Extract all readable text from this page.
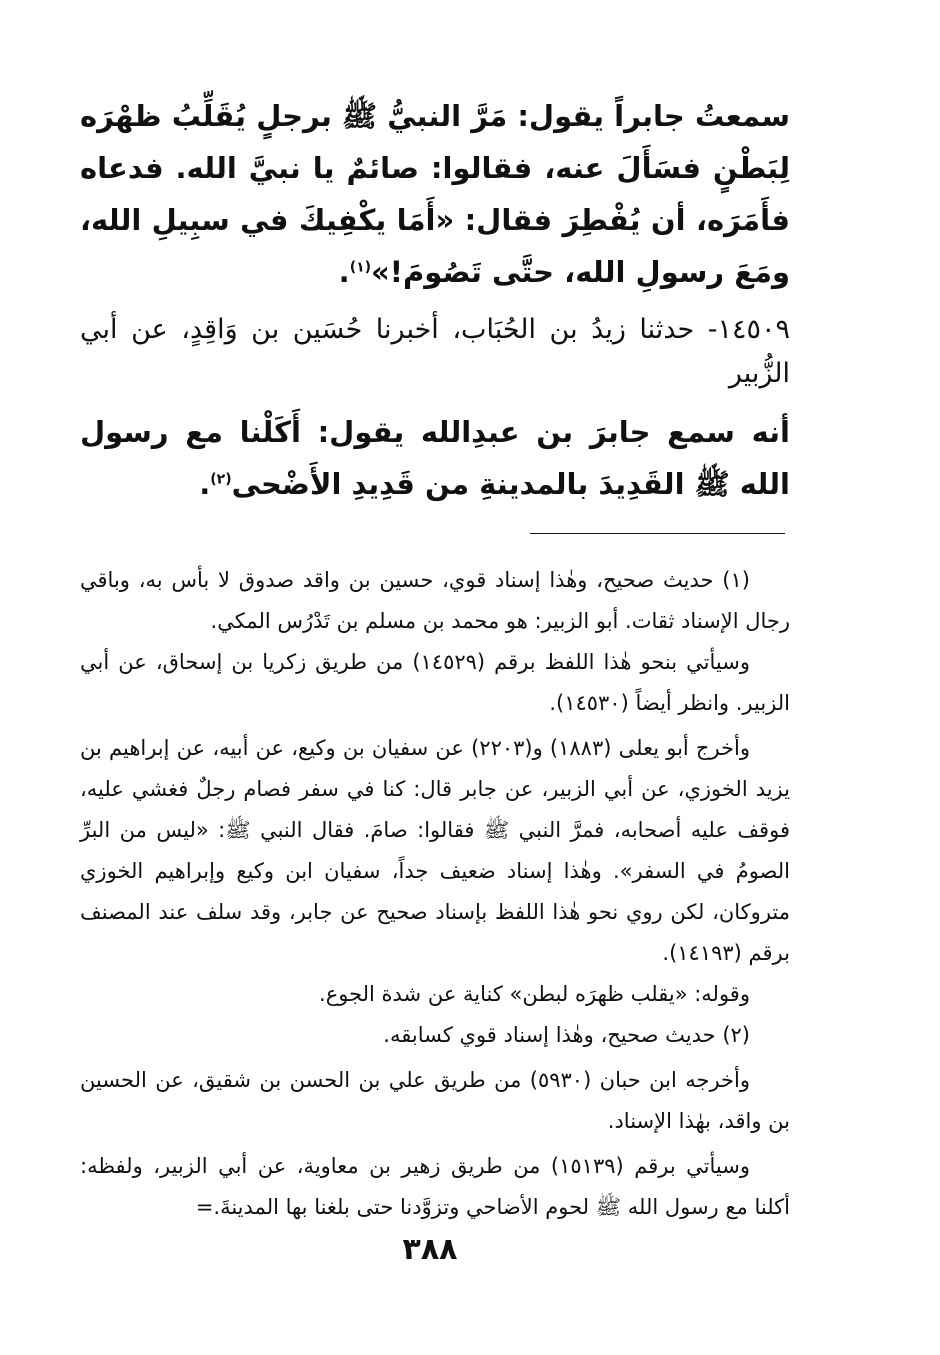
سمعتُ جابراً يقول: مَرَّ النبيُّ ﷺ برجلٍ يُقَلِّبُ ظهْرَه لِبَطْنٍ فسَأَلَ عنه، فقالوا: صائمٌ يا نبيَّ الله. فدعاه فأَمَرَه، أن يُفْطِرَ فقال: «أَمَا يكْفِيكَ في سبِيلِ الله، ومَعَ رسولِ الله، حتَّى تَصُومَ!»$^{(١)}$.

١٤٥٠٩- حدثنا زيدُ بن الحُبَاب، أخبرنا حُسَين بن وَاقِدٍ، عن أبي الزُّبير

أنه سمع جابرَ بن عبدِالله يقول: أَكَلْنا مع رسول الله ﷺ القَدِيدَ بالمدينةِ من قَدِيدِ الأَضْحى$^{(٢)}$.

(١) حديث صحيح، وهٰذا إسناد قوي، حسين بن واقد صدوق لا بأس به، وباقي رجال الإسناد ثقات. أبو الزبير: هو محمد بن مسلم بن تَدْرُس المكي.

وسيأتي بنحو هٰذا اللفظ برقم (١٤٥٢٩) من طريق زكريا بن إسحاق، عن أبي الزبير. وانظر أيضاً (١٤٥٣٠).

وأخرج أبو يعلى (١٨٨٣) و(٢٢٠٣) عن سفيان بن وكيع، عن أبيه، عن إبراهيم بن يزيد الخوزي، عن أبي الزبير، عن جابر قال: كنا في سفر فصام رجلٌ فغشي عليه، فوقف عليه أصحابه، فمرَّ النبي ﷺ فقالوا: صامَ. فقال النبي ﷺ: «ليس من البرِّ الصومُ في السفر». وهٰذا إسناد ضعيف جداً، سفيان ابن وكيع وإبراهيم الخوزي متروكان، لكن روي نحو هٰذا اللفظ بإسناد صحيح عن جابر، وقد سلف عند المصنف برقم (١٤١٩٣).

وقوله: «يقلب ظهرَه لبطن» كناية عن شدة الجوع.

(٢) حديث صحيح، وهٰذا إسناد قوي كسابقه.

وأخرجه ابن حبان (٥٩٣٠) من طريق علي بن الحسن بن شقيق، عن الحسين بن واقد، بهٰذا الإسناد.

وسيأتي برقم (١٥١٣٩) من طريق زهير بن معاوية، عن أبي الزبير، ولفظه: أكلنا مع رسول الله ﷺ لحوم الأضاحي وتزوَّدنا حتى بلغنا بها المدينةَ.=

٣٨٨
